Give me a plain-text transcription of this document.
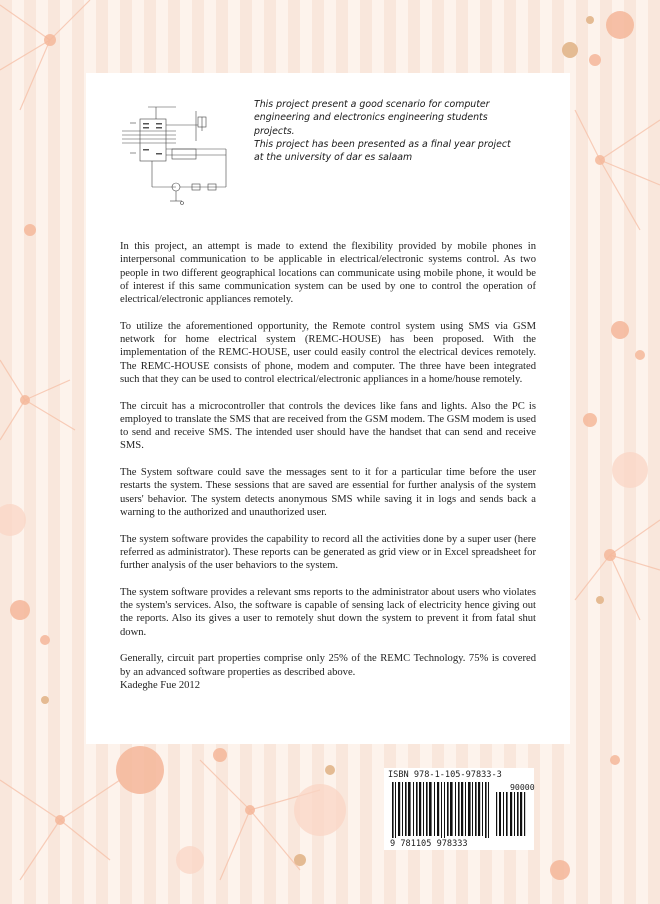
This project present a good scenario for computer
engineering and electronics engineering students
projects.
This project has been presented as a final year project
at the university of dar es salaam

In this project, an attempt is made to extend the flexibility provided by mobile phones in interpersonal communication to be applicable in electrical/electronic systems control. As two people in two different geographical locations can communicate using mobile phone, it would be of interest if this same communication system can be used by one to control the operation of electrical/electronic appliances remotely.

To utilize the aforementioned opportunity, the Remote control system using SMS via GSM network for home electrical system (REMC-HOUSE) has been proposed. With the implementation of the REMC-HOUSE, user could easily control the electrical devices remotely. The REMC-HOUSE consists of phone, modem and computer. The three have been integrated such that they can be used to control electrical/electronic appliances in a home/house remotely.

The circuit has a microcontroller that controls the devices like fans and lights. Also the PC is employed to translate the SMS that are received from the GSM modem. The GSM modem is used to send and receive SMS. The intended user should have the handset that can send and receive SMS.

The System software could save the messages sent to it for a particular time before the user restarts the system. These sessions that are saved are essential for further analysis of the system users' behavior. The system detects anonymous SMS while saving it in logs and sends back a warning to the authorized and unauthorized user.

The system software provides the capability to record all the activities done by a super user (here referred as administrator). These reports can be generated as grid view or in Excel spreadsheet for further analysis of the user behaviors to the system.

The system software provides a relevant sms reports to the administrator about users who violates the system's services. Also, the software is capable of sensing lack of electricity hence giving out the reports. Also its gives a user to remotely shut down the system to prevent it from fatal shut down.

Generally, circuit part properties comprise only 25% of the REMC Technology. 75% is covered by an advanced software properties as described above.

Kadeghe Fue 2012

ISBN 978-1-105-97833-3
90000
9 781105 978333
